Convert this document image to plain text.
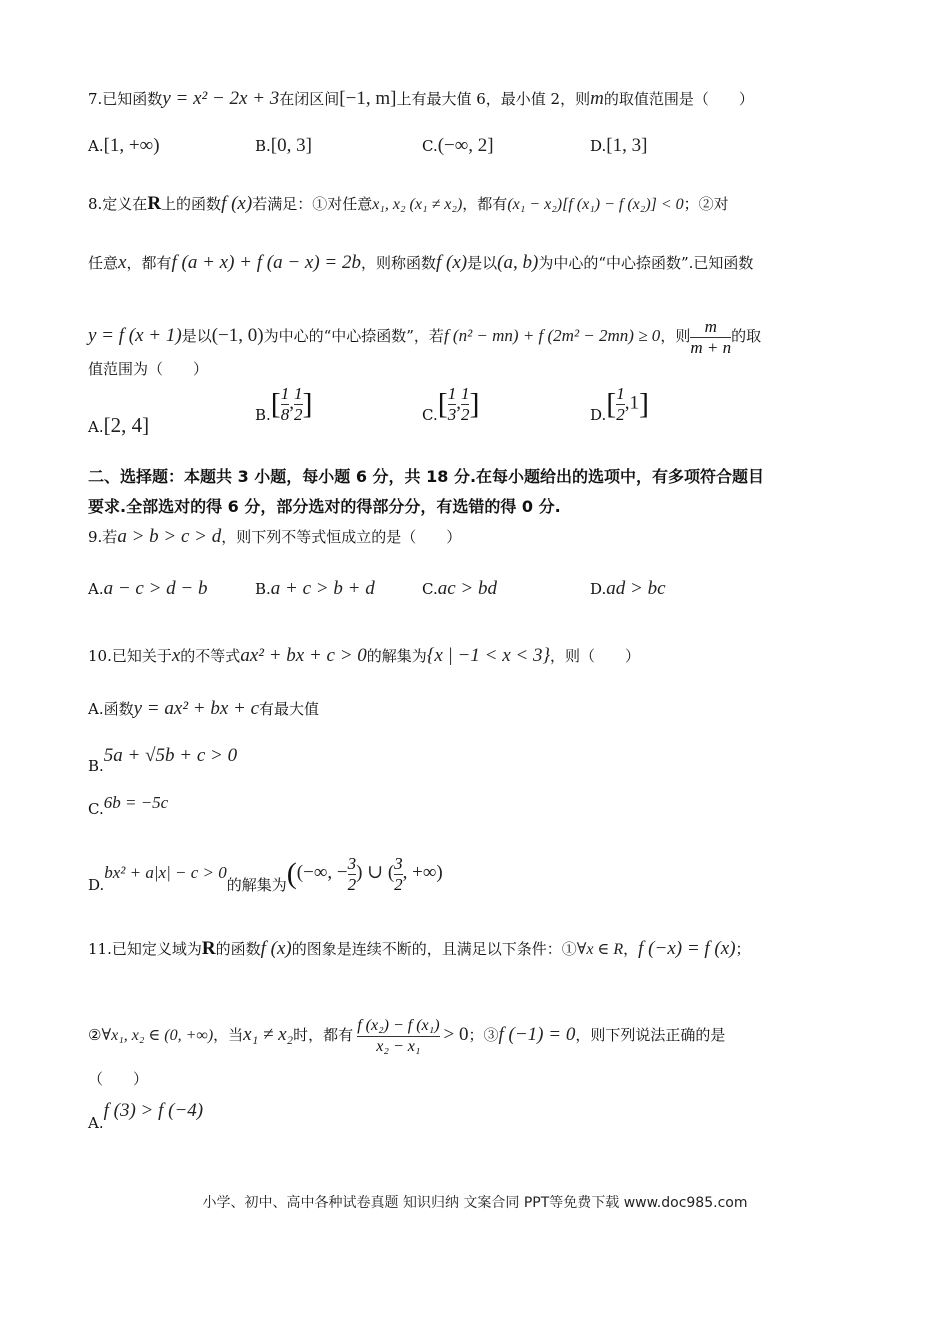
7.已知函数y = x² − 2x + 3在闭区间[−1, m]上有最大值 6，最小值 2，则m的取值范围是（　　）
A.[1, +∞)	B.[0, 3]	C.(−∞, 2]	D.[1, 3]
8.定义在R上的函数f (x)若满足：①对任意x₁, x₂ (x₁ ≠ x₂)，都有(x₁ − x₂)[f (x₁) − f (x₂)] < 0；②对
任意x，都有f (a + x) + f (a − x) = 2b，则称函数f (x)是以(a, b)为中心的“中心捺函数”.已知函数
y = f (x + 1)是以(−1, 0)为中心的“中心捺函数”，若f (n² − mn) + f (2m² − 2mn) ≥ 0，则 $\frac{m}{m + n}$ 的取
值范围为（　　）
A.[2, 4]	$B.[ \frac{1}{8}$ , $\frac{1}{2}$ ]	$C.[ \frac{1}{3}$ , $\frac{1}{2}$ ]	$D.[ \frac{1}{2} ,1]$
二、选择题：本题共 3 小题，每小题 6 分，共 18 分.在每小题给出的选项中，有多项符合题目
要求.全部选对的得 6 分，部分选对的得部分分，有选错的得 0 分.
9.若a > b > c > d，则下列不等式恒成立的是（　　）
A.a − c > d − b	B.a + c > b + d	C.ac > bd	D.ad > bc
10.已知关于x的不等式ax² + bx + c > 0的解集为{x | −1 < x < 3}，则（　　）
A.函数y = ax² + bx + c有最大值
B.5a + √5b + c > 0
C.6b = −5c
D.bx² + a|x| − c > 0的解集为((−∞, − $\frac{3}{2}$ ) ∪ ( $\frac{3}{2}$ , +∞)
11.已知定义域为R的函数f (x)的图象是连续不断的，且满足以下条件：①∀x ∈ R，f (−x) = f (x)；
②∀x₁, x₂ ∈ (0, +∞)，当x₁ ≠ x₂时，都有 $\frac{\text{f (x₂) − f (x₁)}}{\text{x₂ − x₁}} > 0$；③f (−1) = 0，则下列说法正确的是
（　　）
A.f (3) > f (−4)
小学、初中、高中各种试卷真题 知识归纳 文案合同 PPT等免费下载 www.doc985.com
